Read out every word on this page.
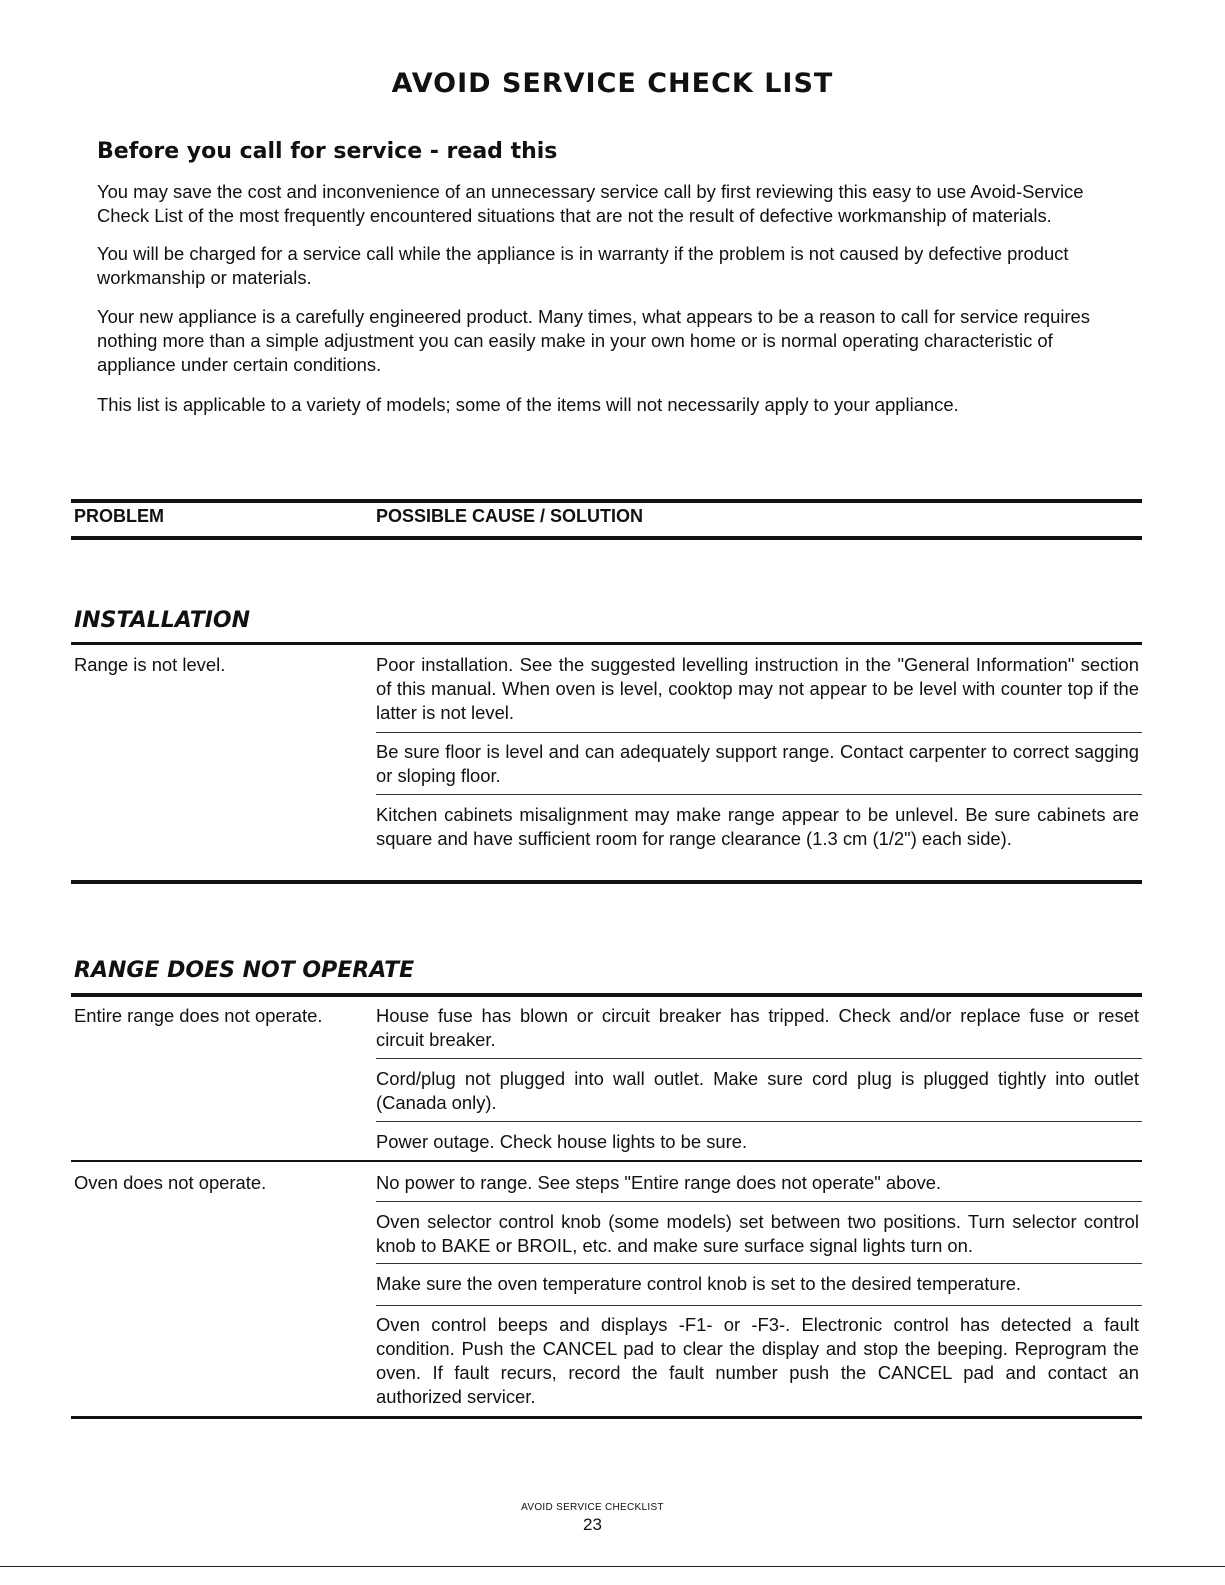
AVOID SERVICE CHECK LIST
Before you call for service - read this

You may save the cost and inconvenience of an unnecessary service call by first reviewing this easy to use Avoid-Service Check List of the most frequently encountered situations that are not the result of defective workmanship of materials.

You will be charged for a service call while the appliance is in warranty if the problem is not caused by defective product workmanship or materials.

Your new appliance is a carefully engineered product. Many times, what appears to be a reason to call for service requires nothing more than a simple adjustment you can easily make in your own home or is normal operating characteristic of appliance under certain conditions.

This list is applicable to a variety of models; some of the items will not necessarily apply to your appliance.

PROBLEM	POSSIBLE CAUSE / SOLUTION
INSTALLATION
Range is not level.	Poor installation. See the suggested levelling instruction in the "General Information" section of this manual. When oven is level, cooktop may not appear to be level with counter top if the latter is not level.
Be sure floor is level and can adequately support range. Contact carpenter to correct sagging or sloping floor.
Kitchen cabinets misalignment may make range appear to be unlevel. Be sure cabinets are square and have sufficient room for range clearance (1.3 cm (1/2") each side).
RANGE DOES NOT OPERATE
Entire range does not operate.	House fuse has blown or circuit breaker has tripped. Check and/or replace fuse or reset circuit breaker.
Cord/plug not plugged into wall outlet. Make sure cord plug is plugged tightly into outlet (Canada only).
Power outage. Check house lights to be sure.
Oven does not operate.	No power to range. See steps "Entire range does not operate" above.
Oven selector control knob (some models) set between two positions. Turn selector control knob to BAKE or BROIL, etc. and make sure surface signal lights turn on.
Make sure the oven temperature control knob is set to the desired temperature.
Oven control beeps and displays -F1- or -F3-. Electronic control has detected a fault condition. Push the CANCEL pad to clear the display and stop the beeping. Reprogram the oven. If fault recurs, record the fault number push the CANCEL pad and contact an authorized servicer.
AVOID SERVICE CHECKLIST
23
